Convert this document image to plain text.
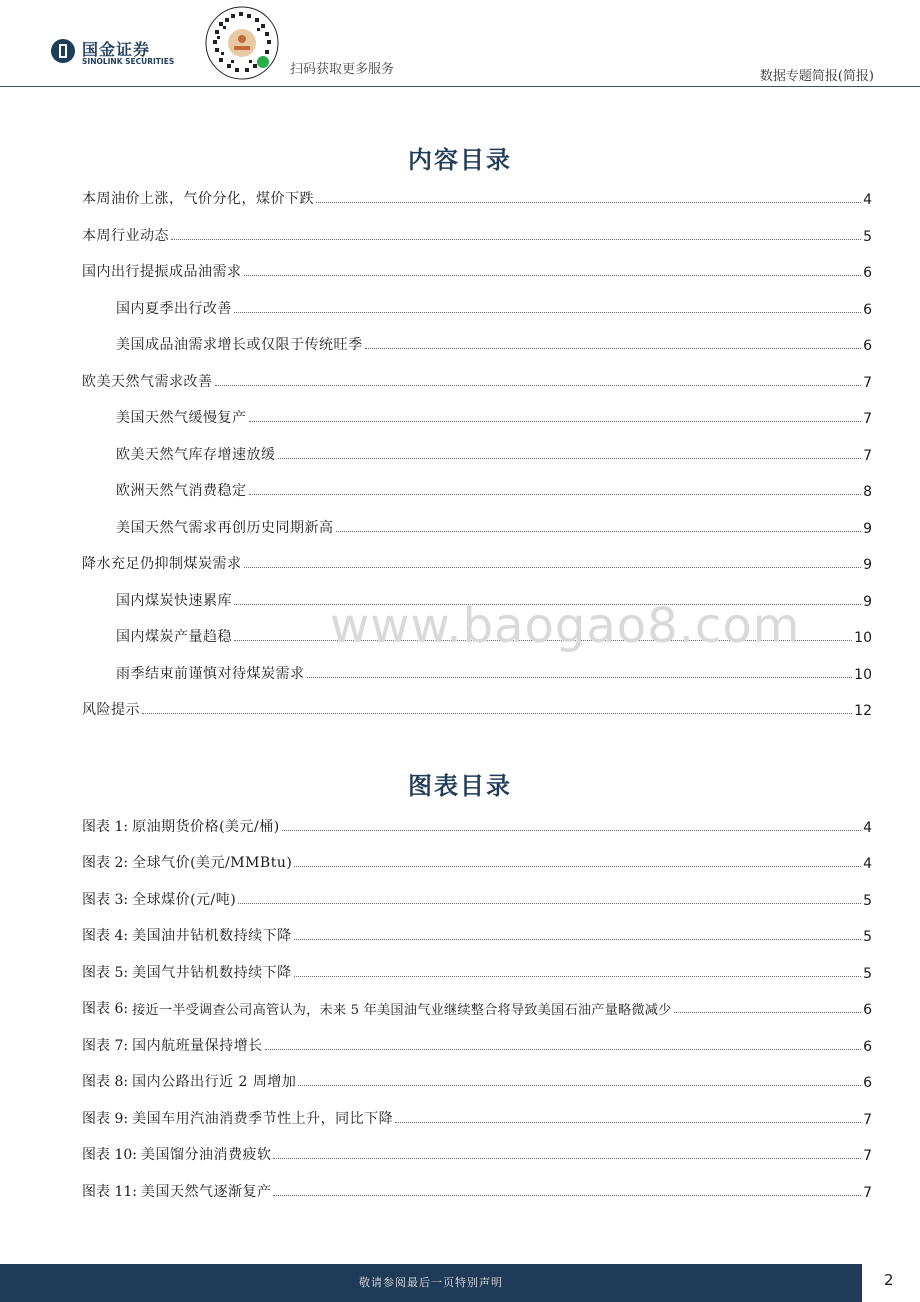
国金证券
SINOLINK SECURITIES
扫码获取更多服务	数据专题简报(简报)
内容目录
本周油价上涨，气价分化，煤价下跌	4
本周行业动态	5
国内出行提振成品油需求	6
国内夏季出行改善	6
美国成品油需求增长或仅限于传统旺季	6
欧美天然气需求改善	7
美国天然气缓慢复产	7
欧美天然气库存增速放缓	7
欧洲天然气消费稳定	8
美国天然气需求再创历史同期新高	9
降水充足仍抑制煤炭需求	9
国内煤炭快速累库	9
国内煤炭产量趋稳	10
雨季结束前谨慎对待煤炭需求	10
风险提示	12
www.baogao8.com
图表目录
图表 1: 原油期货价格(美元/桶)	4
图表 2: 全球气价(美元/MMBtu)	4
图表 3: 全球煤价(元/吨)	5
图表 4: 美国油井钻机数持续下降	5
图表 5: 美国气井钻机数持续下降	5
图表 6: 接近一半受调查公司高管认为，未来 5 年美国油气业继续整合将导致美国石油产量略微减少	6
图表 7: 国内航班量保持增长	6
图表 8: 国内公路出行近 2 周增加	6
图表 9: 美国车用汽油消费季节性上升，同比下降	7
图表 10: 美国馏分油消费疲软	7
图表 11: 美国天然气逐渐复产	7
敬请参阅最后一页特别声明	2
